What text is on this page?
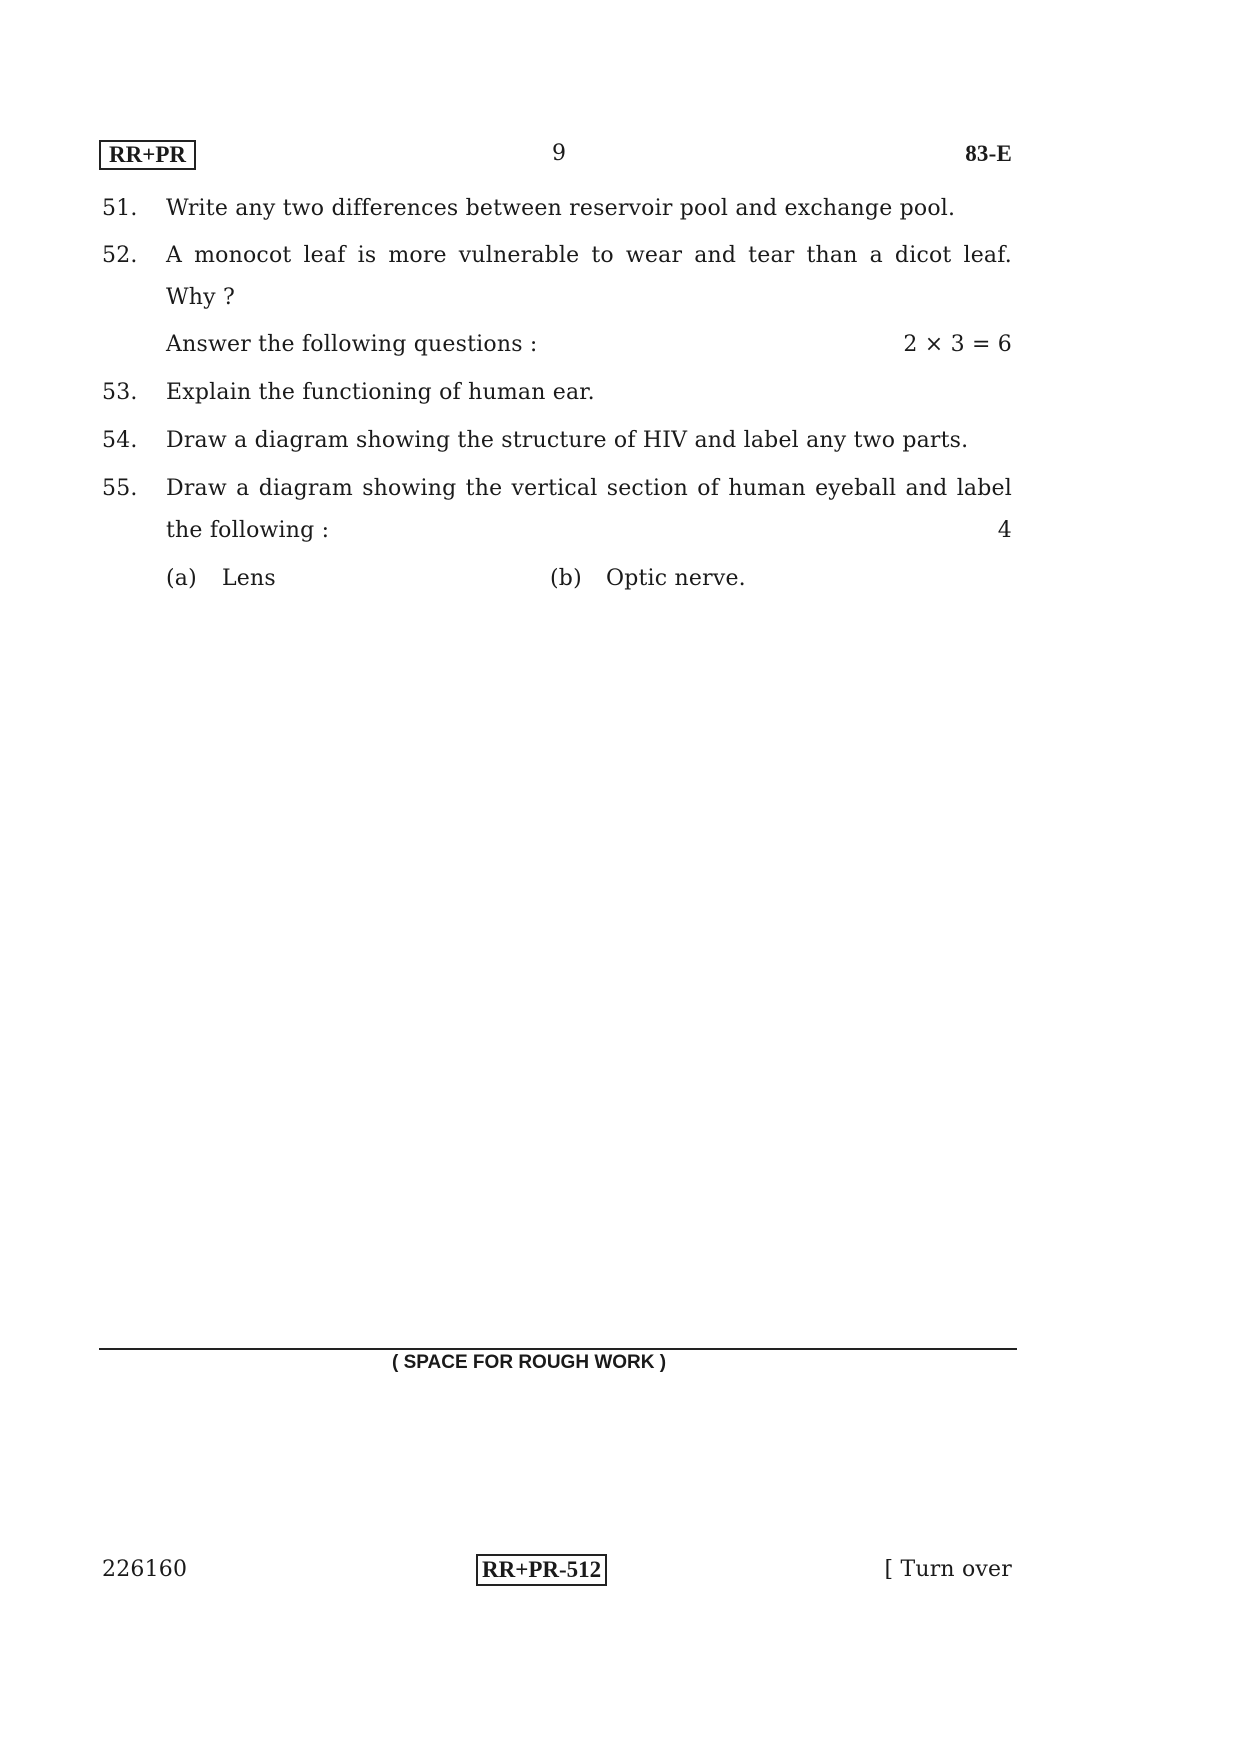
RR+PR	9	83-E
51. Write any two differences between reservoir pool and exchange pool.
52. A monocot leaf is more vulnerable to wear and tear than a dicot leaf.
Why ?
Answer the following questions :	2 × 3 = 6
53. Explain the functioning of human ear.
54. Draw a diagram showing the structure of HIV and label any two parts.
55. Draw a diagram showing the vertical section of human eyeball and label
the following :	4
(a) Lens	(b) Optic nerve.
( SPACE FOR ROUGH WORK )
226160	RR+PR-512	[ Turn over
